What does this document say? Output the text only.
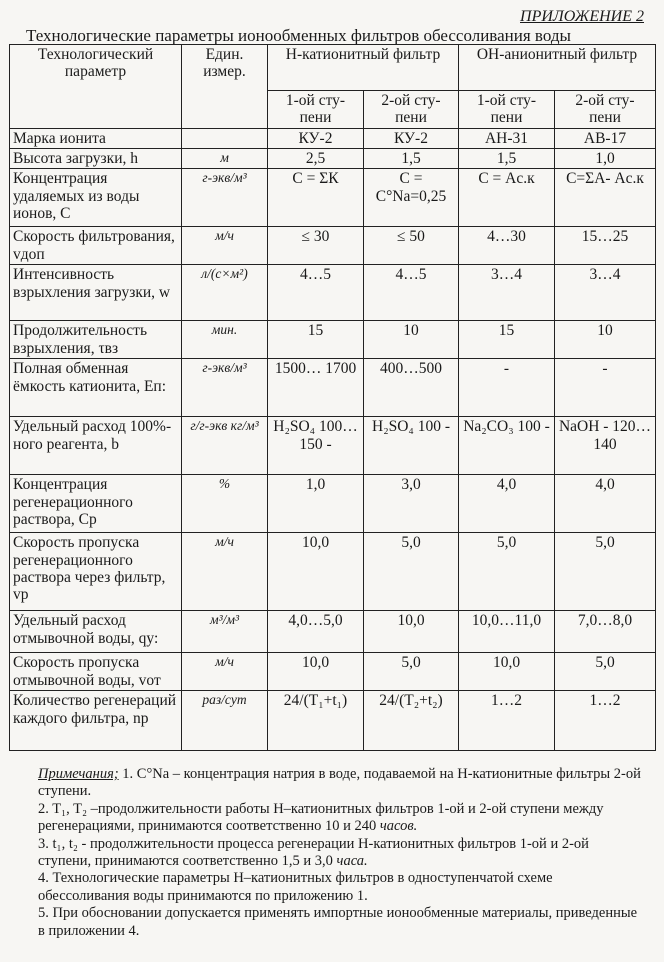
ПРИЛОЖЕНИЕ 2
Технологические параметры ионообменных фильтров обессоливания воды
Технологический параметр	Един. измер.	Н-катионитный фильтр		ОН-анионитный фильтр	
		1-ой сту- пени	2-ой сту- пени	1-ой сту- пени	2-ой сту- пени
Марка ионита		КУ-2	КУ-2	АН-31	АВ-17
Высота загрузки, h	м	2,5	1,5	1,5	1,0
Концентрация удаляемых из воды ионов, С	г-экв/м³	С = ΣК	С = C°Na=0,25	С = Aс.к	С=ΣА- Aс.к
Скорость фильтрования, vдоп	м/ч	≤ 30	≤ 50	4…30	15…25
Интенсивность взрыхления загрузки, w	л/(с×м²)	4…5	4…5	3…4	3…4
Продолжительность взрыхления, τвз	мин.	15	10	15	10
Полная обменная ёмкость катионита, Еп:	г-экв/м³	1500… 1700	400…500	-	-
Удельный расход 100%-ного реагента, b	г/г-экв кг/м³	H₂SO₄ 100…150 -	H₂SO₄ 100 -	Na₂CO₃ 100 -	NaOH - 120…140
Концентрация регенерационного раствора, Ср	%	1,0	3,0	4,0	4,0
Скорость пропуска регенерационного раствора через фильтр, vр	м/ч	10,0	5,0	5,0	5,0
Удельный расход отмывочной воды, qу:	м³/м³	4,0…5,0	10,0	10,0…11,0	7,0…8,0
Скорость пропуска отмывочной воды, vот	м/ч	10,0	5,0	10,0	5,0
Количество регенераций каждого фильтра, nр	раз/сут	24/(T₁+t₁)	24/(T₂+t₂)	1…2	1…2

Примечания; 1. C°Na – концентрация натрия в воде, подаваемой на Н-катионитные фильтры 2-ой ступени.

2. T₁, T₂ –продолжительности работы Н–катионитных фильтров 1-ой и 2-ой ступени между регенерациями, принимаются соответственно 10 и 240 часов.

3. t₁, t₂ - продолжительности процесса регенерации Н-катионитных фильтров 1-ой и 2-ой ступени, принимаются соответственно 1,5 и 3,0 часа.

4. Технологические параметры Н–катионитных фильтров в одноступенчатой схеме обессоливания воды принимаются по приложению 1.

5. При обосновании допускается применять импортные ионообменные материалы, приведенные в приложении 4.
